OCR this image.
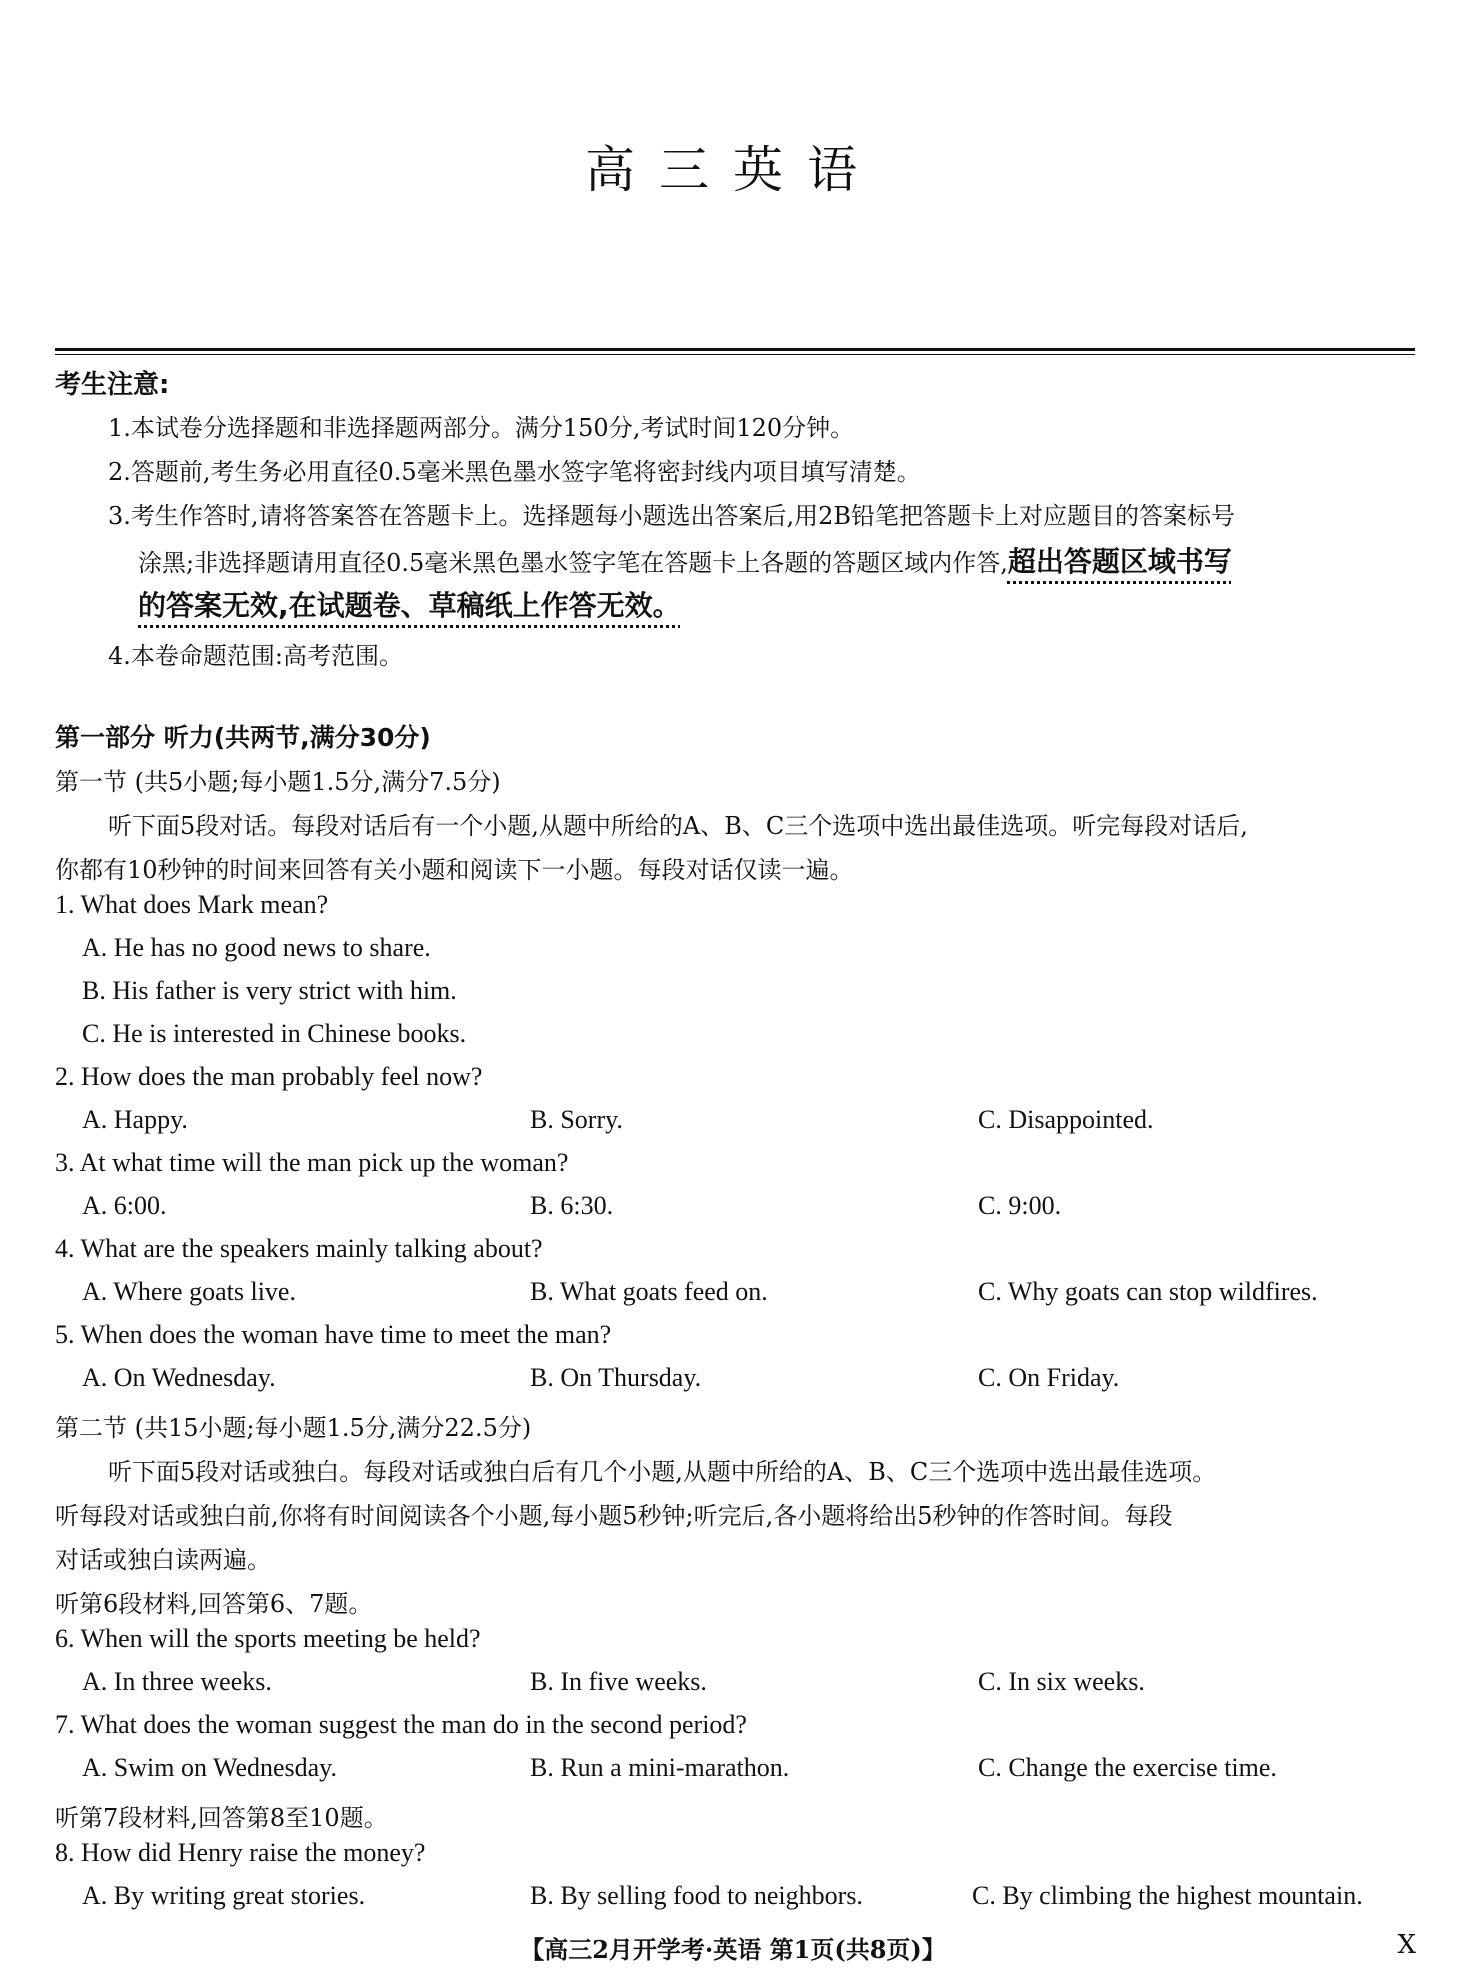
高三英语
考生注意:
1.本试卷分选择题和非选择题两部分。满分150分,考试时间120分钟。
2.答题前,考生务必用直径0.5毫米黑色墨水签字笔将密封线内项目填写清楚。
3.考生作答时,请将答案答在答题卡上。选择题每小题选出答案后,用2B铅笔把答题卡上对应题目的答案标号
涂黑;非选择题请用直径0.5毫米黑色墨水签字笔在答题卡上各题的答题区域内作答,超出答题区域书写
的答案无效,在试题卷、草稿纸上作答无效。
4.本卷命题范围:高考范围。
第一部分 听力(共两节,满分30分)
第一节 (共5小题;每小题1.5分,满分7.5分)
听下面5段对话。每段对话后有一个小题,从题中所给的A、B、C三个选项中选出最佳选项。听完每段对话后,
你都有10秒钟的时间来回答有关小题和阅读下一小题。每段对话仅读一遍。
1. What does Mark mean?
A. He has no good news to share.
B. His father is very strict with him.
C. He is interested in Chinese books.
2. How does the man probably feel now?
A. Happy.	B. Sorry.	C. Disappointed.
3. At what time will the man pick up the woman?
A. 6:00.	B. 6:30.	C. 9:00.
4. What are the speakers mainly talking about?
A. Where goats live.	B. What goats feed on.	C. Why goats can stop wildfires.
5. When does the woman have time to meet the man?
A. On Wednesday.	B. On Thursday.	C. On Friday.
第二节 (共15小题;每小题1.5分,满分22.5分)
听下面5段对话或独白。每段对话或独白后有几个小题,从题中所给的A、B、C三个选项中选出最佳选项。
听每段对话或独白前,你将有时间阅读各个小题,每小题5秒钟;听完后,各小题将给出5秒钟的作答时间。每段
对话或独白读两遍。
听第6段材料,回答第6、7题。
6. When will the sports meeting be held?
A. In three weeks.	B. In five weeks.	C. In six weeks.
7. What does the woman suggest the man do in the second period?
A. Swim on Wednesday.	B. Run a mini-marathon.	C. Change the exercise time.
听第7段材料,回答第8至10题。
8. How did Henry raise the money?
A. By writing great stories.	B. By selling food to neighbors.	C. By climbing the highest mountain.
【高三2月开学考·英语 第1页(共8页)】	X
